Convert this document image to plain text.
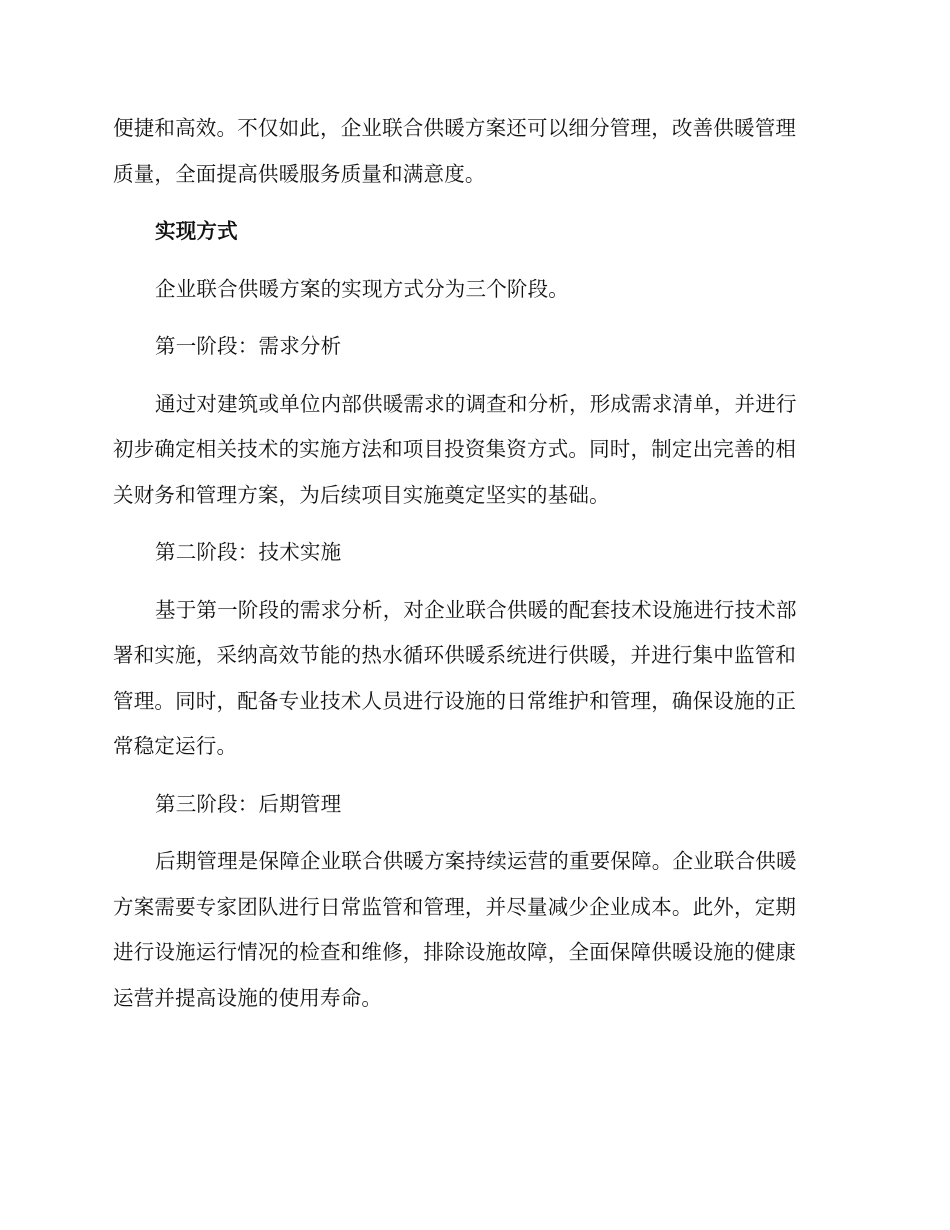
便捷和高效。不仅如此，企业联合供暖方案还可以细分管理，改善供暖管理
质量，全面提高供暖服务质量和满意度。

实现方式

企业联合供暖方案的实现方式分为三个阶段。

第一阶段：需求分析

通过对建筑或单位内部供暖需求的调查和分析，形成需求清单，并进行
初步确定相关技术的实施方法和项目投资集资方式。同时，制定出完善的相
关财务和管理方案，为后续项目实施奠定坚实的基础。

第二阶段：技术实施

基于第一阶段的需求分析，对企业联合供暖的配套技术设施进行技术部
署和实施，采纳高效节能的热水循环供暖系统进行供暖，并进行集中监管和
管理。同时，配备专业技术人员进行设施的日常维护和管理，确保设施的正
常稳定运行。

第三阶段：后期管理

后期管理是保障企业联合供暖方案持续运营的重要保障。企业联合供暖
方案需要专家团队进行日常监管和管理，并尽量减少企业成本。此外，定期
进行设施运行情况的检查和维修，排除设施故障，全面保障供暖设施的健康
运营并提高设施的使用寿命。
